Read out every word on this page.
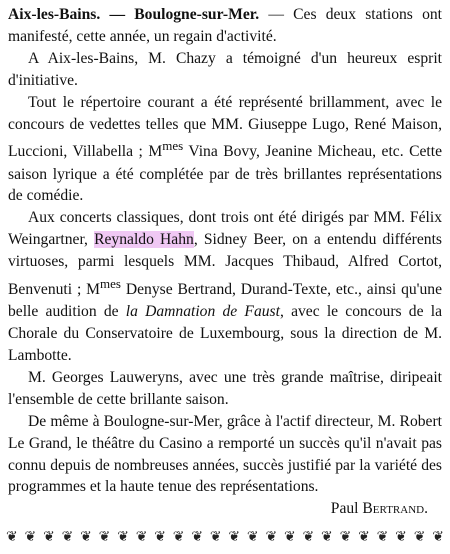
Aix-les-Bains. — Boulogne-sur-Mer. — Ces deux stations ont manifesté, cette année, un regain d'activité.

A Aix-les-Bains, M. Chazy a témoigné d'un heureux esprit d'initiative.

Tout le répertoire courant a été représenté brillamment, avec le concours de vedettes telles que MM. Giuseppe Lugo, René Maison, Luccioni, Villabella ; $M^{mes}$ Vina Bovy, Jeanine Micheau, etc. Cette saison lyrique a été complétée par de très brillantes représentations de comédie.

Aux concerts classiques, dont trois ont été dirigés par MM. Félix Weingartner, Reynaldo Hahn, Sidney Beer, on a entendu différents virtuoses, parmi lesquels MM. Jacques Thibaud, Alfred Cortot, Benvenuti ; $M^{mes}$ Denyse Bertrand, Durand-Texte, etc., ainsi qu'une belle audition de la Damnation de Faust, avec le concours de la Chorale du Conservatoire de Luxembourg, sous la direction de M. Lambotte.

M. Georges Lauweryns, avec une très grande maîtrise, diripeait l'ensemble de cette brillante saison.

De même à Boulogne-sur-Mer, grâce à l'actif directeur, M. Robert Le Grand, le théâtre du Casino a remporté un succès qu'il n'avait pas connu depuis de nombreuses années, succès justifié par la variété des programmes et la haute tenue des représentations.

Paul Bertrand.

❦ ❦ ❦ ❦ ❦ ❦ ❦ ❦ ❦ ❦ ❦ ❦ ❦ ❦ ❦ ❦ ❦ ❦ ❦ ❦ ❦ ❦ ❦ ❦
